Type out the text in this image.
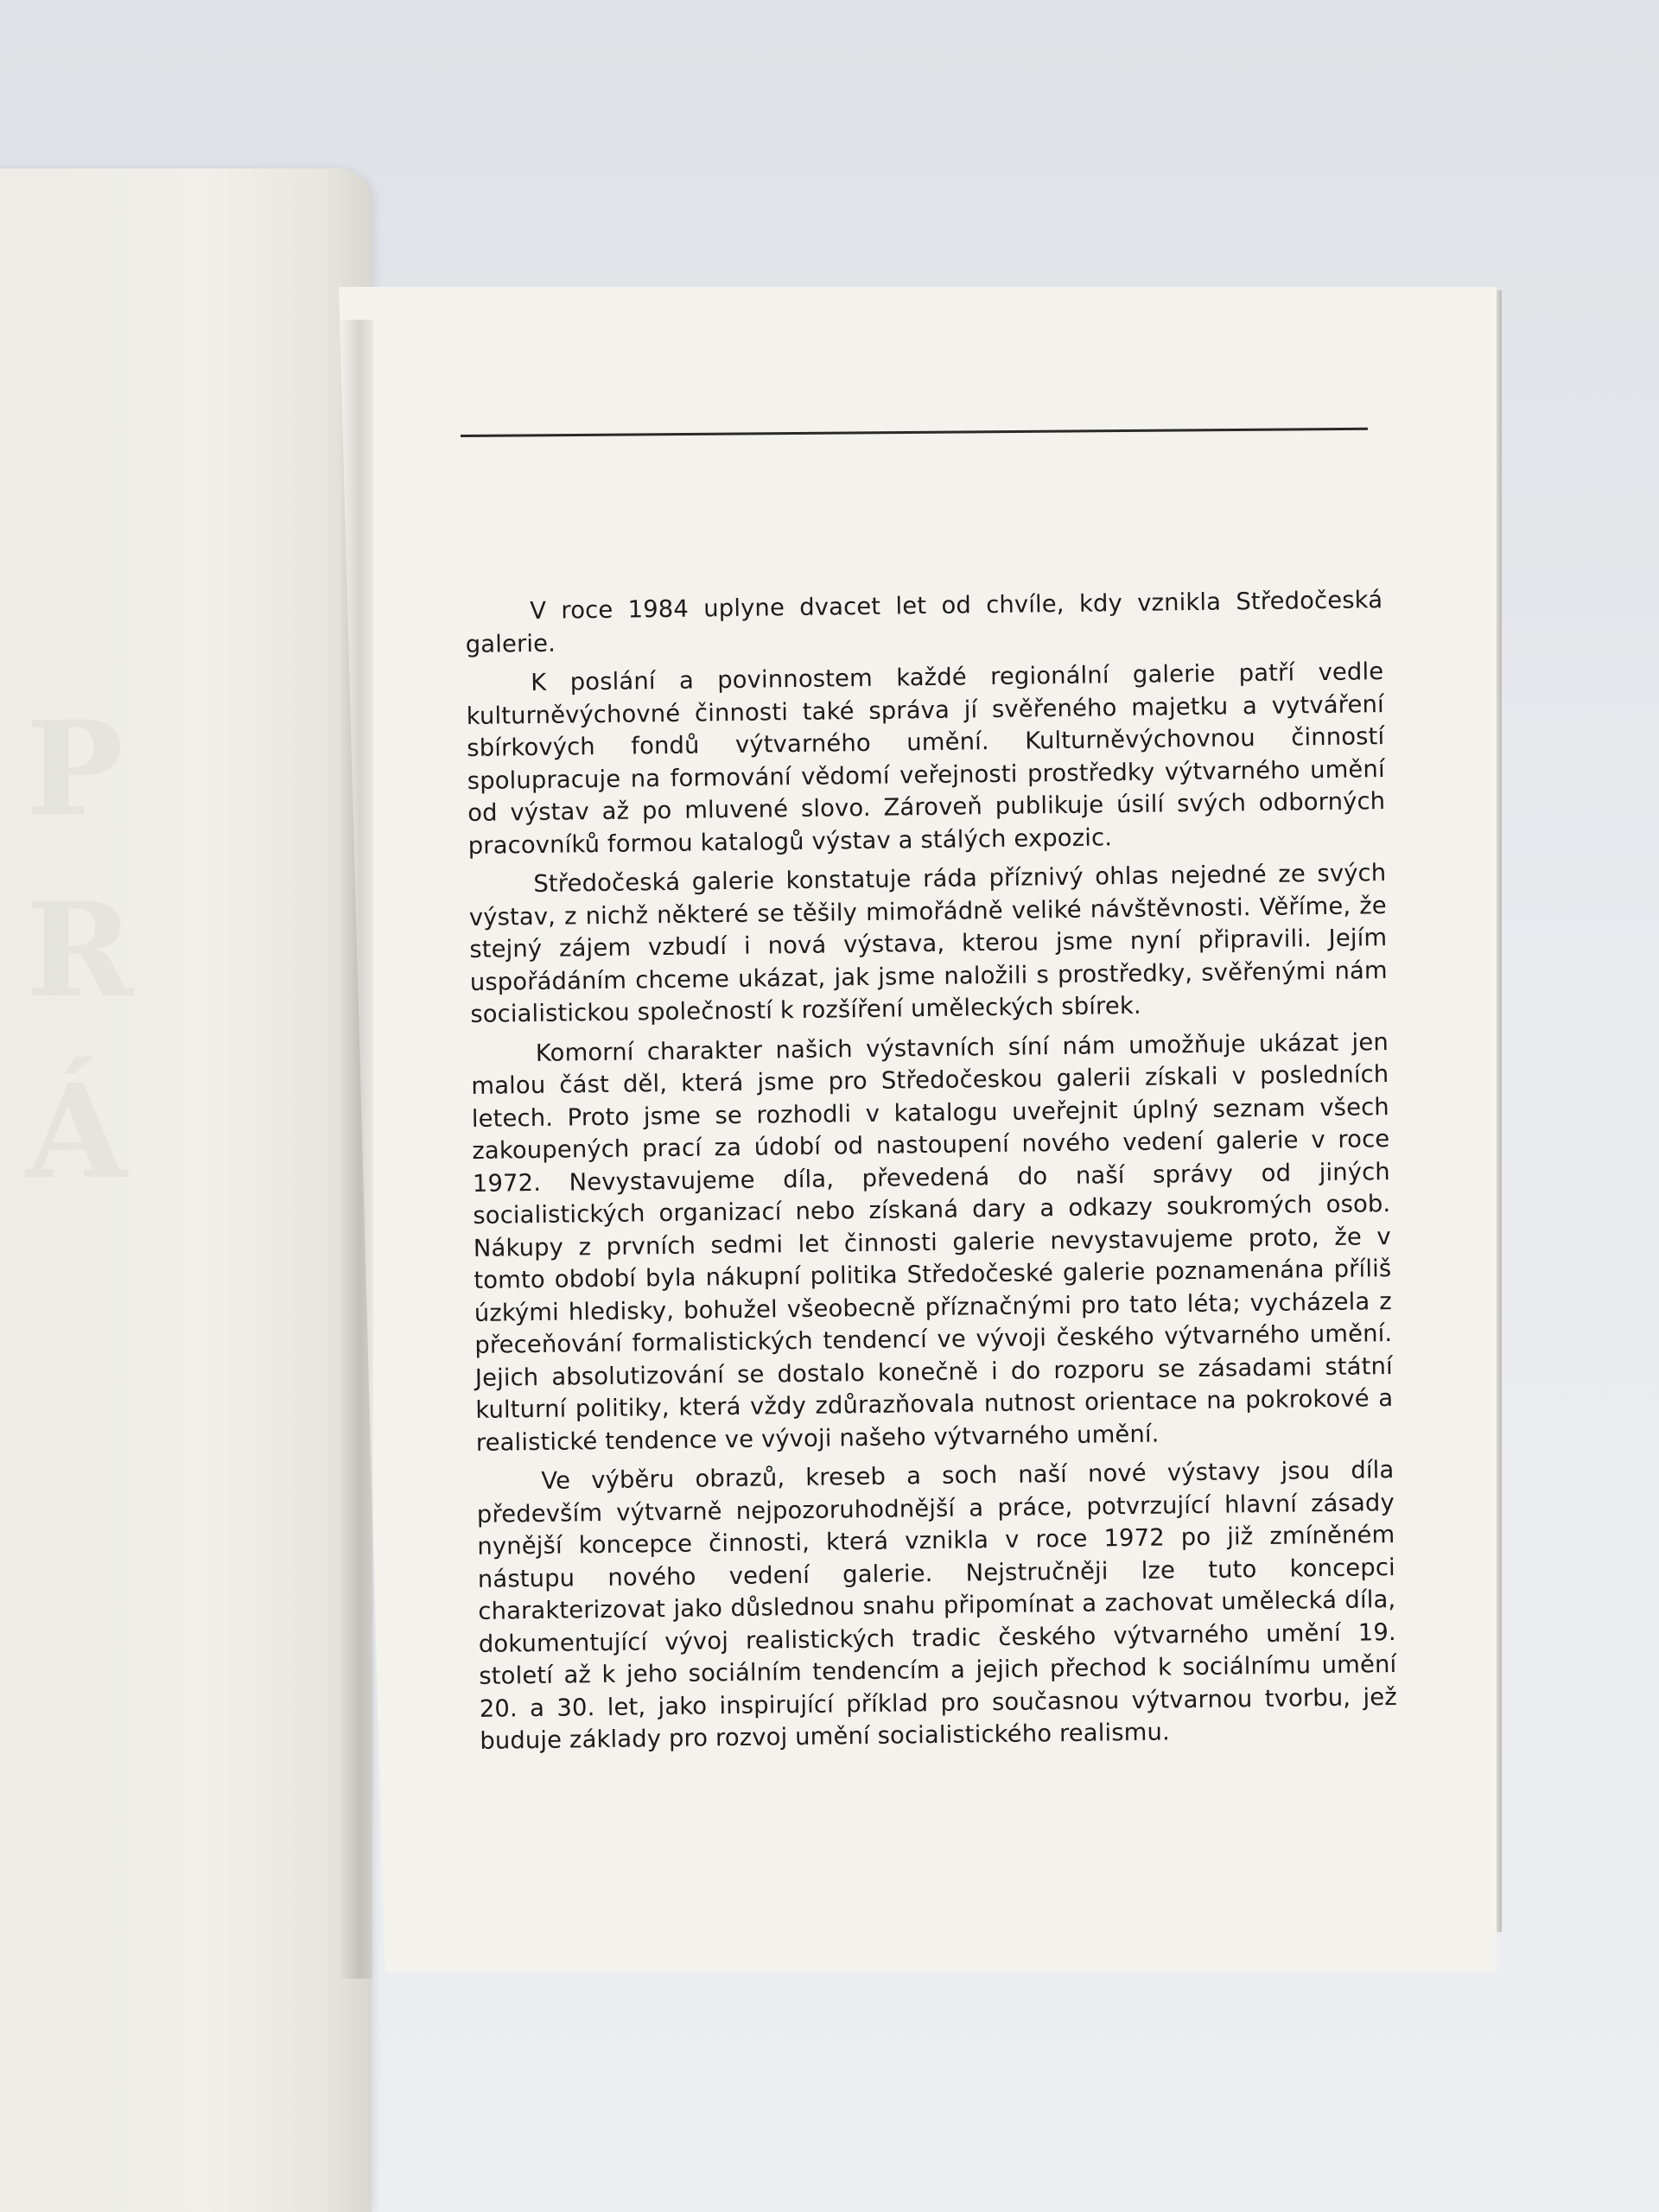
P
R
Á

V roce 1984 uplyne dvacet let od chvíle, kdy vznikla Středočeská galerie.

K poslání a povinnostem každé regionální galerie patří vedle kulturněvýchovné činnosti také správa jí svěřeného majetku a vytváření sbírkových fondů výtvarného umění. Kulturněvýchovnou činností spolupracuje na formování vědomí veřejnosti prostředky výtvarného umění od výstav až po mluvené slovo. Zároveň publikuje úsilí svých odborných pracovníků formou katalogů výstav a stálých expozic.

Středočeská galerie konstatuje ráda příznivý ohlas nejedné ze svých výstav, z nichž některé se těšily mimořádně veliké návštěvnosti. Věříme, že stejný zájem vzbudí i nová výstava, kterou jsme nyní připravili. Jejím uspořádáním chceme ukázat, jak jsme naložili s prostředky, svěřenými nám socialistickou společností k rozšíření uměleckých sbírek.

Komorní charakter našich výstavních síní nám umožňuje ukázat jen malou část děl, která jsme pro Středočeskou galerii získali v posledních letech. Proto jsme se rozhodli v katalogu uveřejnit úplný seznam všech zakoupených prací za údobí od nastoupení nového vedení galerie v roce 1972. Nevystavujeme díla, převedená do naší správy od jiných socialistických organizací nebo získaná dary a odkazy soukromých osob. Nákupy z prvních sedmi let činnosti galerie nevystavujeme proto, že v tomto období byla nákupní politika Středočeské galerie poznamenána příliš úzkými hledisky, bohužel všeobecně příznačnými pro tato léta; vycházela z přeceňování formalistických tendencí ve vývoji českého výtvarného umění. Jejich absolutizování se dostalo konečně i do rozporu se zásadami státní kulturní politiky, která vždy zdůrazňovala nutnost orientace na pokrokové a realistické tendence ve vývoji našeho výtvarného umění.

Ve výběru obrazů, kreseb a soch naší nové výstavy jsou díla především výtvarně nejpozoruhodnější a práce, potvrzující hlavní zásady nynější koncepce činnosti, která vznikla v roce 1972 po již zmíněném nástupu nového vedení galerie. Nejstručněji lze tuto koncepci charakterizovat jako důslednou snahu připomínat a zachovat umělecká díla, dokumentující vývoj realistických tradic českého výtvarného umění 19. století až k jeho sociálním tendencím a jejich přechod k sociálnímu umění 20. a 30. let, jako inspirující příklad pro současnou výtvarnou tvorbu, jež buduje základy pro rozvoj umění socialistického realismu.
